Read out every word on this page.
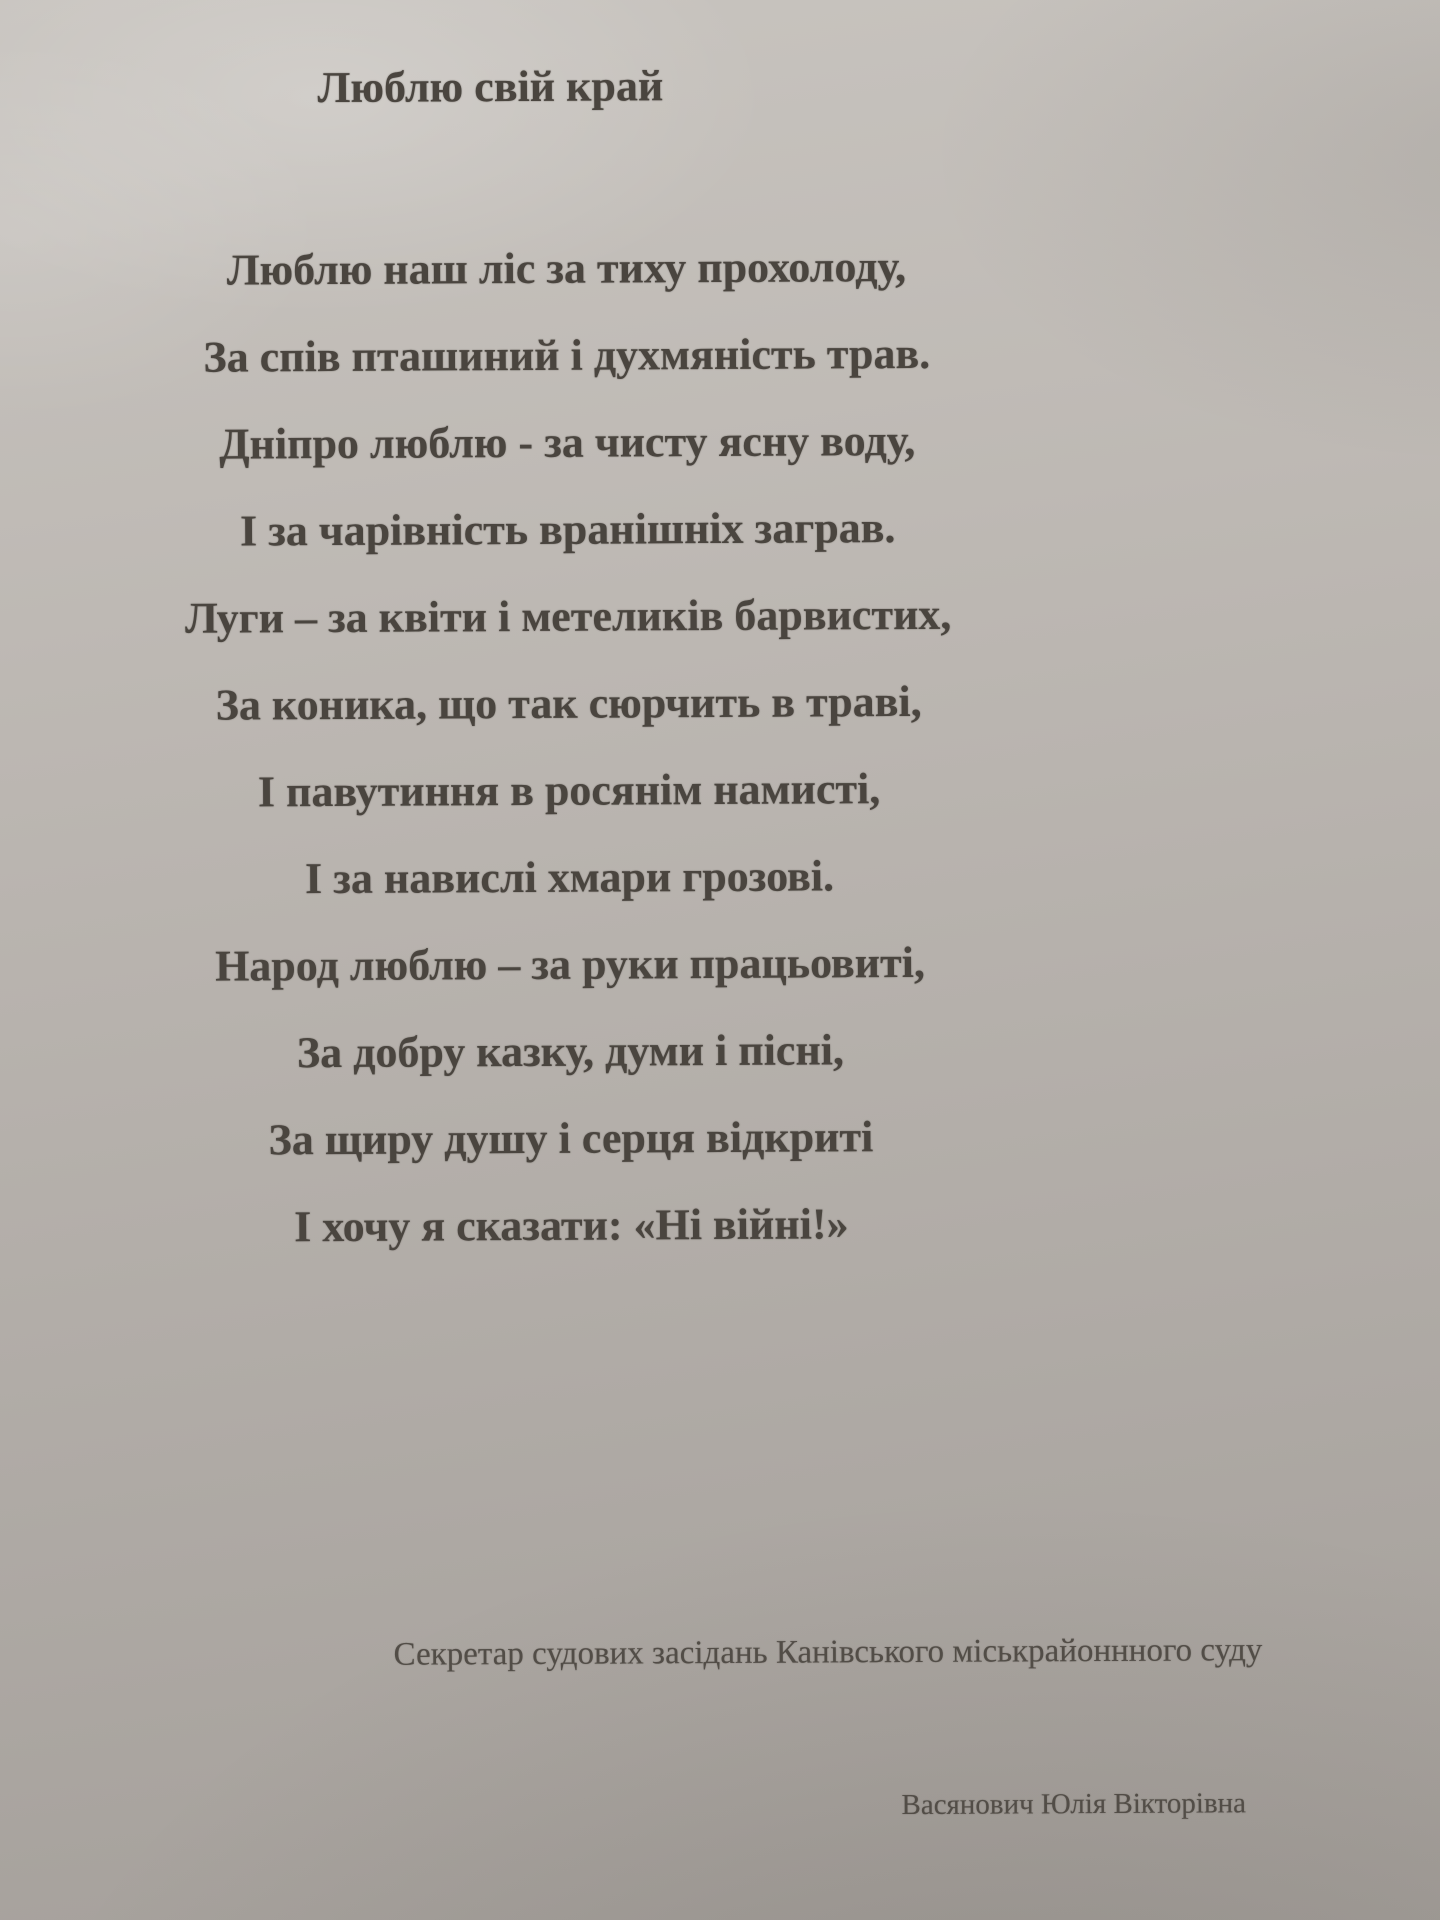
Люблю свій край
Люблю наш ліс за тиху прохолоду,
За спів пташиний і духмяність трав.
Дніпро люблю - за чисту ясну воду,
І за чарівність вранішніх заграв.
Луги – за квіти і метеликів барвистих,
За коника, що так сюрчить в траві,
І павутиння в росянім намисті,
І за навислі хмари грозові.
Народ люблю – за руки працьовиті,
За добру казку, думи і пісні,
За щиру душу і серця відкриті
І хочу я сказати: «Ні війні!»
Секретар судових засідань Канівського міськрайоннного суду
Васянович Юлія Вікторівна
